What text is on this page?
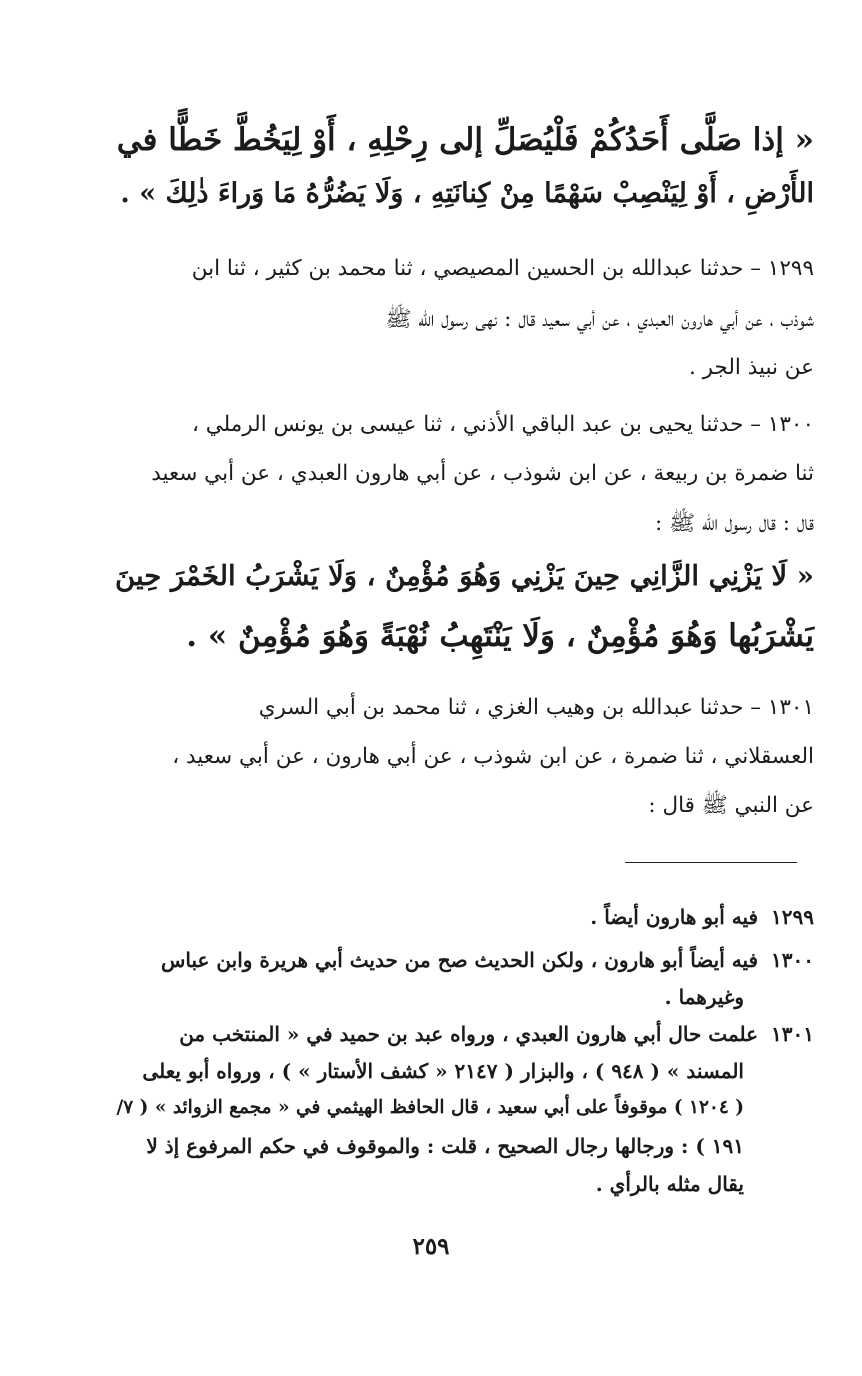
« إذا صَلَّى أَحَدُكُمْ فَلْيُصَلِّ إلى رِحْلِهِ ، أَوْ لِيَخُطَّ خَطًّا في
الأَرْضِ ، أَوْ لِيَنْصِبْ سَهْمًا مِنْ كِنانَتِهِ ، وَلَا يَضُرُّهُ مَا وَراءَ ذٰلِكَ » .
١٢٩٩ – حدثنا عبدالله بن الحسين المصيصي ، ثنا محمد بن كثير ، ثنا ابن
شوذب ، عن أبي هارون العبدي ، عن أبي سعيد قال : نهى رسول الله ﷺ
عن نبيذ الجر .
١٣٠٠ – حدثنا يحيى بن عبد الباقي الأذني ، ثنا عيسى بن يونس الرملي ،
ثنا ضمرة بن ربيعة ، عن ابن شوذب ، عن أبي هارون العبدي ، عن أبي سعيد
قال : قال رسول الله ﷺ :
« لَا يَزْنِي الزَّانِي حِينَ يَزْنِي وَهُوَ مُؤْمِنٌ ، وَلَا يَشْرَبُ الخَمْرَ حِينَ
يَشْرَبُها وَهُوَ مُؤْمِنٌ ، وَلَا يَنْتَهِبُ نُهْبَةً وَهُوَ مُؤْمِنٌ » .
١٣٠١ – حدثنا عبدالله بن وهيب الغزي ، ثنا محمد بن أبي السري
العسقلاني ، ثنا ضمرة ، عن ابن شوذب ، عن أبي هارون ، عن أبي سعيد ،
عن النبي ﷺ قال :
١٢٩٩ فيه أبو هارون أيضاً .
١٣٠٠ فيه أيضاً أبو هارون ، ولكن الحديث صح من حديث أبي هريرة وابن عباس
وغيرهما .
١٣٠١ علمت حال أبي هارون العبدي ، ورواه عبد بن حميد في « المنتخب من
المسند » ( ٩٤٨ ) ، والبزار ( ٢١٤٧ « كشف الأستار » ) ، ورواه أبو يعلى
( ١٢٠٤ ) موقوفاً على أبي سعيد ، قال الحافظ الهيثمي في « مجمع الزوائد » ( ٧/
١٩١ ) : ورجالها رجال الصحيح ، قلت : والموقوف في حكم المرفوع إذ لا
يقال مثله بالرأي .
٢٥٩
